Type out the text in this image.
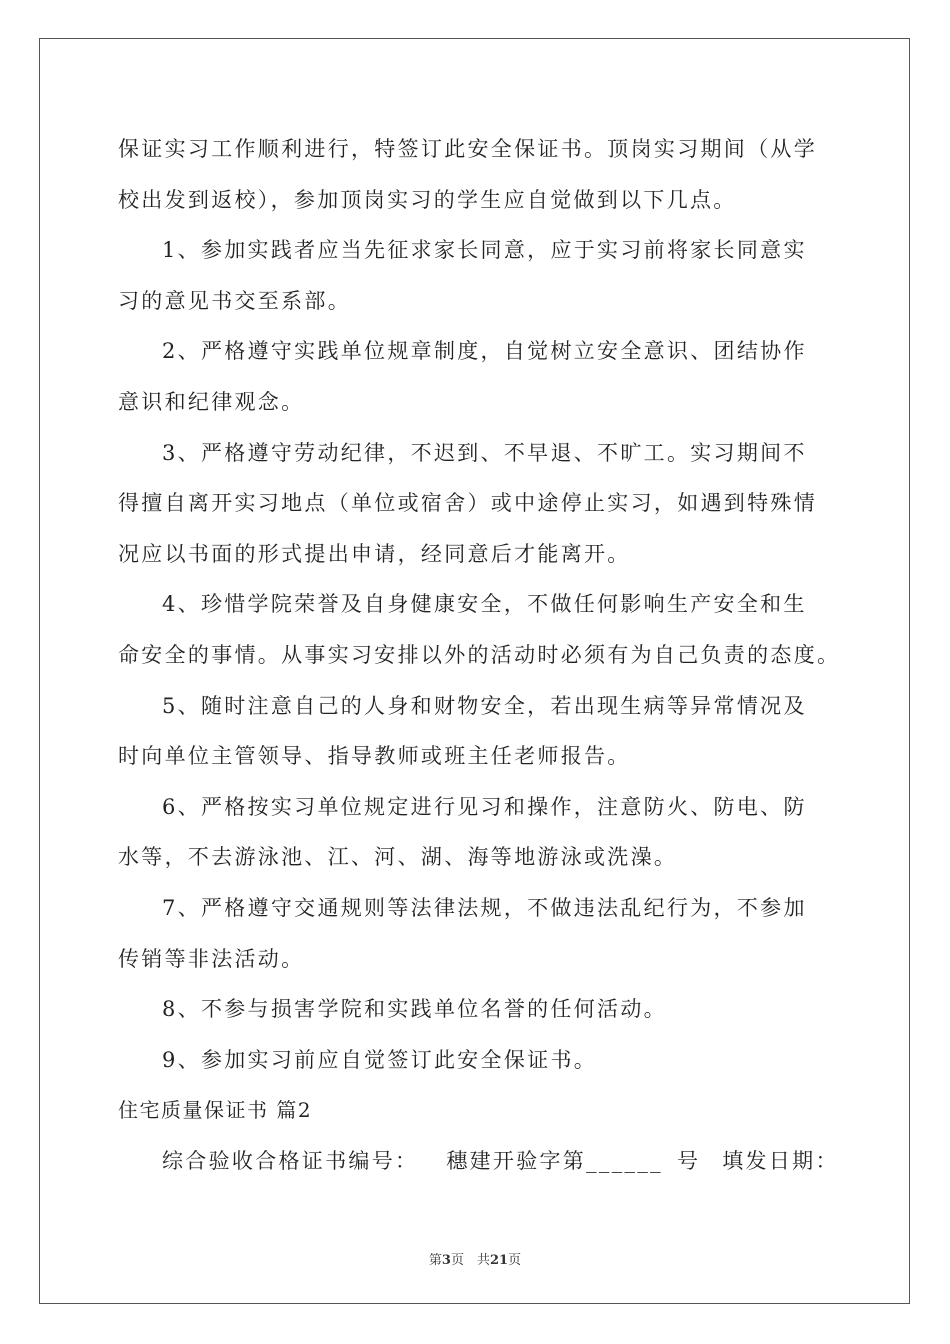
保证实习工作顺利进行，特签订此安全保证书。顶岗实习期间（从学
校出发到返校），参加顶岗实习的学生应自觉做到以下几点。
1、参加实践者应当先征求家长同意，应于实习前将家长同意实
习的意见书交至系部。
2、严格遵守实践单位规章制度，自觉树立安全意识、团结协作
意识和纪律观念。
3、严格遵守劳动纪律，不迟到、不早退、不旷工。实习期间不
得擅自离开实习地点（单位或宿舍）或中途停止实习，如遇到特殊情
况应以书面的形式提出申请，经同意后才能离开。
4、珍惜学院荣誉及自身健康安全，不做任何影响生产安全和生
命安全的事情。从事实习安排以外的活动时必须有为自己负责的态度。
5、随时注意自己的人身和财物安全，若出现生病等异常情况及
时向单位主管领导、指导教师或班主任老师报告。
6、严格按实习单位规定进行见习和操作，注意防火、防电、防
水等，不去游泳池、江、河、湖、海等地游泳或洗澡。
7、严格遵守交通规则等法律法规，不做违法乱纪行为，不参加
传销等非法活动。
8、不参与损害学院和实践单位名誉的任何活动。
9、参加实习前应自觉签订此安全保证书。
住宅质量保证书 篇2
综合验收合格证书编号： 穗建开验字第______ 号 填发日期：
第3页　共21页
